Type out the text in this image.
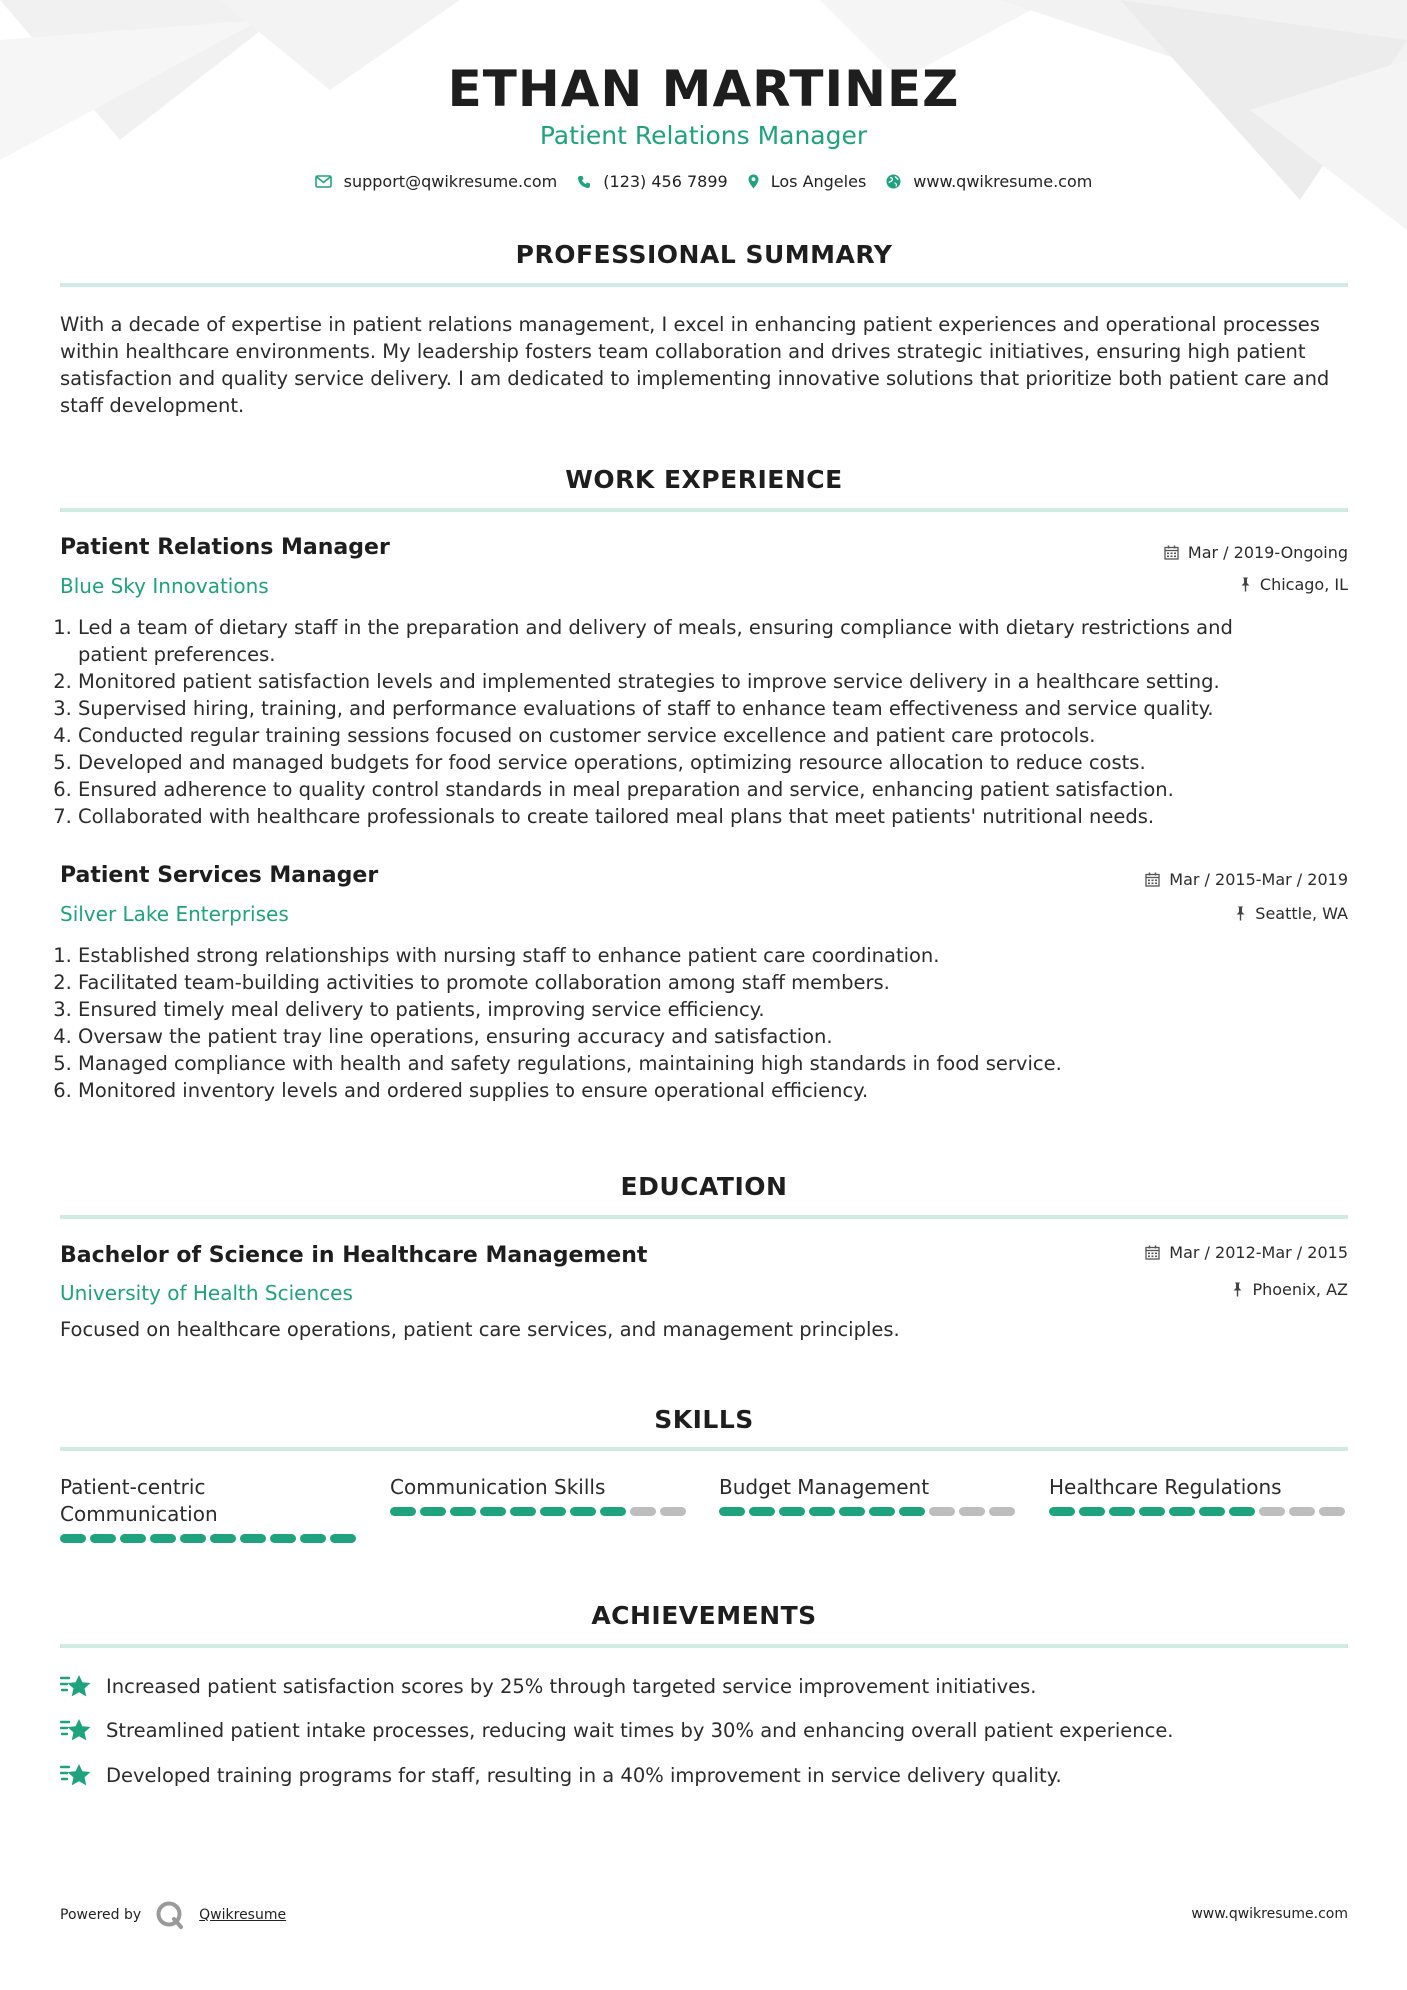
ETHAN MARTINEZ
Patient Relations Manager
support@qwikresume.com	(123) 456 7899	Los Angeles	www.qwikresume.com
PROFESSIONAL SUMMARY
With a decade of expertise in patient relations management, I excel in enhancing patient experiences and operational processes within healthcare environments. My leadership fosters team collaboration and drives strategic initiatives, ensuring high patient satisfaction and quality service delivery. I am dedicated to implementing innovative solutions that prioritize both patient care and staff development.
WORK EXPERIENCE
Patient Relations Manager
Blue Sky Innovations
Mar / 2019-Ongoing
Chicago, IL
1. Led a team of dietary staff in the preparation and delivery of meals, ensuring compliance with dietary restrictions and patient preferences.
2. Monitored patient satisfaction levels and implemented strategies to improve service delivery in a healthcare setting.
3. Supervised hiring, training, and performance evaluations of staff to enhance team effectiveness and service quality.
4. Conducted regular training sessions focused on customer service excellence and patient care protocols.
5. Developed and managed budgets for food service operations, optimizing resource allocation to reduce costs.
6. Ensured adherence to quality control standards in meal preparation and service, enhancing patient satisfaction.
7. Collaborated with healthcare professionals to create tailored meal plans that meet patients' nutritional needs.
Patient Services Manager
Silver Lake Enterprises
Mar / 2015-Mar / 2019
Seattle, WA
1. Established strong relationships with nursing staff to enhance patient care coordination.
2. Facilitated team-building activities to promote collaboration among staff members.
3. Ensured timely meal delivery to patients, improving service efficiency.
4. Oversaw the patient tray line operations, ensuring accuracy and satisfaction.
5. Managed compliance with health and safety regulations, maintaining high standards in food service.
6. Monitored inventory levels and ordered supplies to ensure operational efficiency.
EDUCATION
Bachelor of Science in Healthcare Management
University of Health Sciences
Mar / 2012-Mar / 2015
Phoenix, AZ
Focused on healthcare operations, patient care services, and management principles.
SKILLS
Patient-centric Communication
Communication Skills	Budget Management	Healthcare Regulations
ACHIEVEMENTS
Increased patient satisfaction scores by 25% through targeted service improvement initiatives.
Streamlined patient intake processes, reducing wait times by 30% and enhancing overall patient experience.
Developed training programs for staff, resulting in a 40% improvement in service delivery quality.
Powered by	Qwikresume	www.qwikresume.com
